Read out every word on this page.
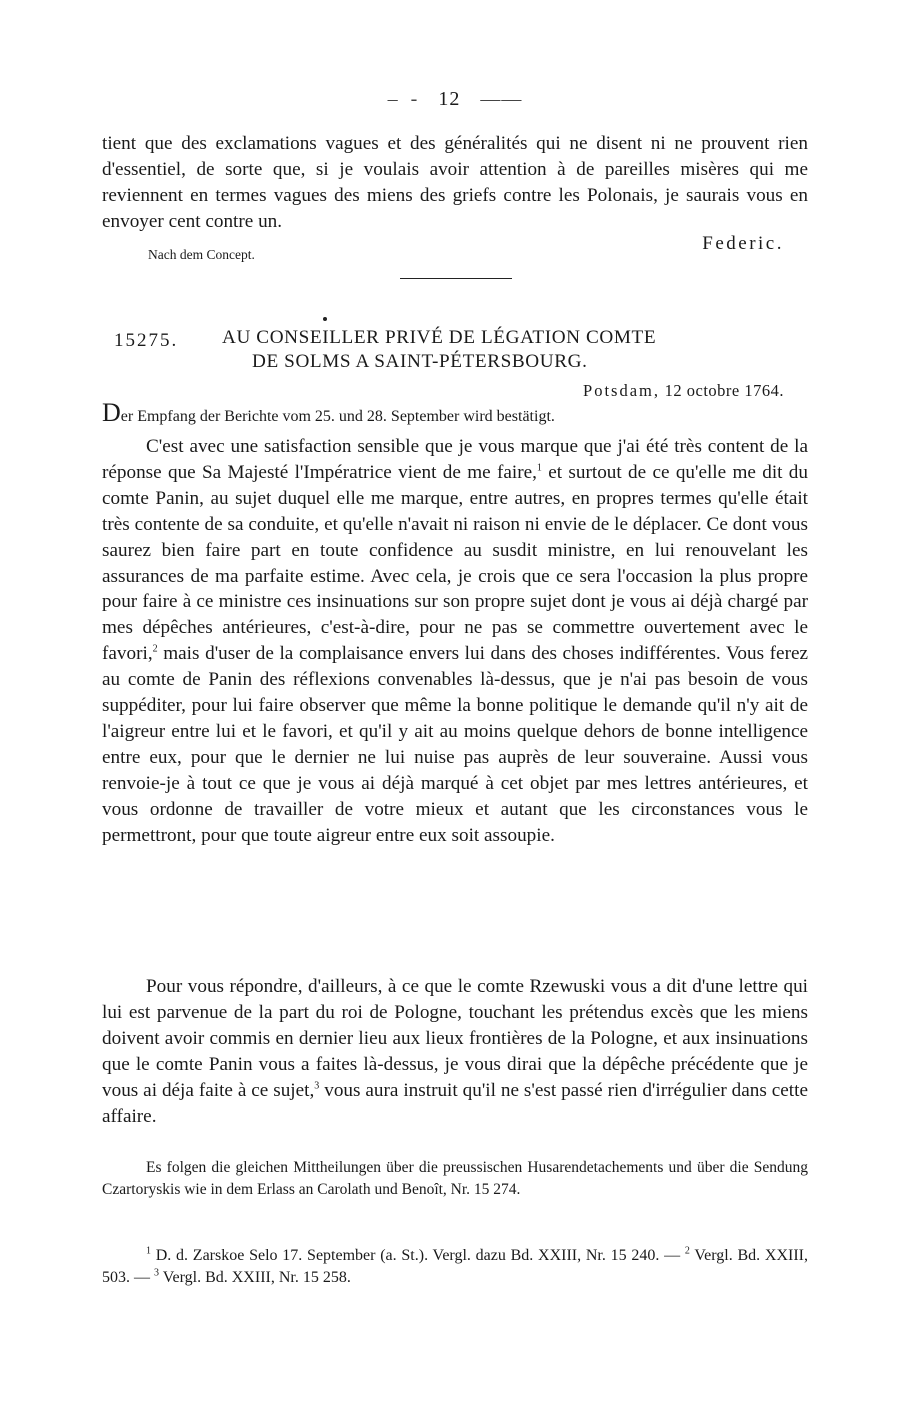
–  - 12 ——

tient que des exclamations vagues et des généralités qui ne disent ni ne prouvent rien d'essentiel, de sorte que, si je voulais avoir attention à de pareilles misères qui me reviennent en termes vagues des miens des griefs contre les Polonais, je saurais vous en envoyer cent contre un.

Nach dem Concept.
Federic.
15275. AU CONSEILLER PRIVÉ DE LÉGATION COMTE
DE SOLMS A SAINT-PÉTERSBOURG.
Potsdam, 12 octobre 1764.
Der Empfang der Berichte vom 25. und 28. September wird bestätigt.
C'est avec une satisfaction sensible que je vous marque que j'ai été très content de la réponse que Sa Majesté l'Impératrice vient de me faire,$^1$ et surtout de ce qu'elle me dit du comte Panin, au sujet duquel elle me marque, entre autres, en propres termes qu'elle était très contente de sa conduite, et qu'elle n'avait ni raison ni envie de le déplacer. Ce dont vous saurez bien faire part en toute confidence au susdit ministre, en lui renouvelant les assurances de ma parfaite estime. Avec cela, je crois que ce sera l'occasion la plus propre pour faire à ce ministre ces insinuations sur son propre sujet dont je vous ai déjà chargé par mes dépêches antérieures, c'est-à-dire, pour ne pas se commettre ouvertement avec le favori,$^2$ mais d'user de la complaisance envers lui dans des choses indifférentes. Vous ferez au comte de Panin des réflexions convenables là-dessus, que je n'ai pas besoin de vous suppéditer, pour lui faire observer que même la bonne politique le demande qu'il n'y ait de l'aigreur entre lui et le favori, et qu'il y ait au moins quelque dehors de bonne intelligence entre eux, pour que le dernier ne lui nuise pas auprès de leur souveraine. Aussi vous renvoie-je à tout ce que je vous ai déjà marqué à cet objet par mes lettres antérieures, et vous ordonne de travailler de votre mieux et autant que les circonstances vous le permettront, pour que toute aigreur entre eux soit assoupie.
Pour vous répondre, d'ailleurs, à ce que le comte Rzewuski vous a dit d'une lettre qui lui est parvenue de la part du roi de Pologne, touchant les prétendus excès que les miens doivent avoir commis en dernier lieu aux lieux frontières de la Pologne, et aux insinuations que le comte Panin vous a faites là-dessus, je vous dirai que la dépêche précédente que je vous ai déja faite à ce sujet,$^3$ vous aura instruit qu'il ne s'est passé rien d'irrégulier dans cette affaire.
Es folgen die gleichen Mittheilungen über die preussischen Husarendetachements und über die Sendung Czartoryskis wie in dem Erlass an Carolath und Benoît, Nr. 15 274.
$^1$ D. d. Zarskoe Selo 17. September (a. St.). Vergl. dazu Bd. XXIII, Nr. 15 240. — $^2$ Vergl. Bd. XXIII, 503. — $^3$ Vergl. Bd. XXIII, Nr. 15 258.
